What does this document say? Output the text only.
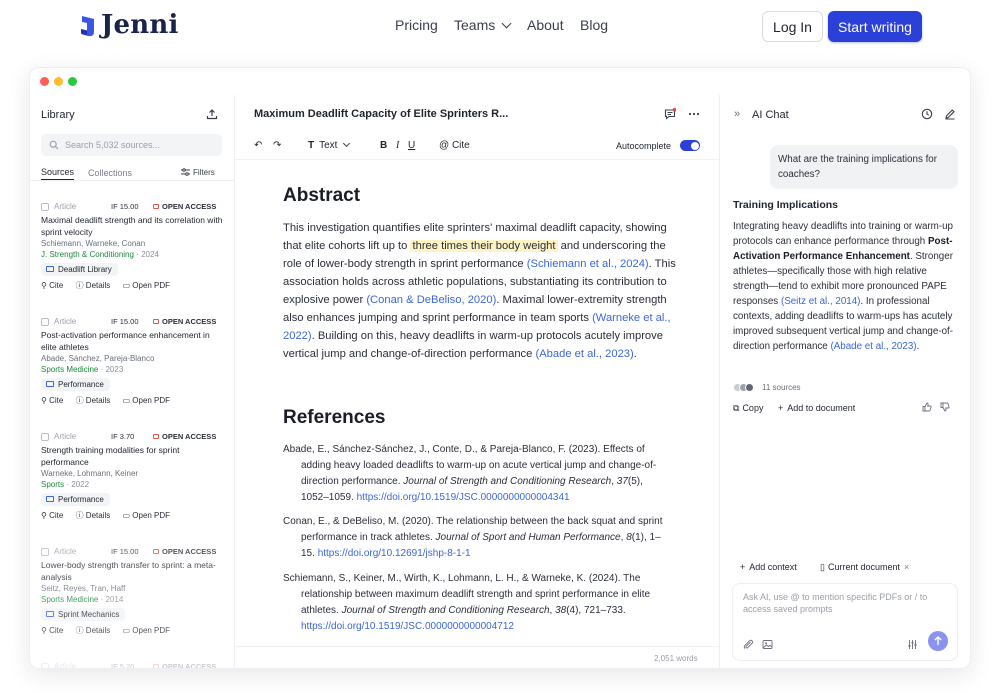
Jenni	Pricing Teams	About Blog	Log In	Start writing
Library
Search 5,032 sources...
Sources Collections	Filters
Article	IF 15.00	OPEN ACCESS
Maximal deadlift strength and its correlation with sprint velocity
Schiemann, Warneke, Conan
J. Strength & Conditioning · 2024
Deadlift Library
⚲ Cite ⓘ Details ▭ Open PDF
Article	IF 15.00	OPEN ACCESS
Post-activation performance enhancement in elite athletes
Abade, Sánchez, Pareja-Blanco
Sports Medicine · 2023
Performance
⚲ Cite ⓘ Details ▭ Open PDF
Article	IF 3.70	OPEN ACCESS
Strength training modalities for sprint performance
Warneke, Lohmann, Keiner
Sports · 2022
Performance
⚲ Cite ⓘ Details ▭ Open PDF
Article	IF 15.00	OPEN ACCESS
Lower-body strength transfer to sprint: a meta-analysis
Seitz, Reyes, Tran, Haff
Sports Medicine · 2014
Sprint Mechanics
⚲ Cite ⓘ Details ▭ Open PDF
Article	IF 5.20	OPEN ACCESS
Maximum Deadlift Capacity of Elite Sprinters R...
↶ ↷	T Text	B I U @ Cite	Autocomplete
Abstract
This investigation quantifies elite sprinters' maximal deadlift capacity, showing that elite cohorts lift up to three times their body weight and underscoring the role of lower-body strength in sprint performance (Schiemann et al., 2024). This association holds across athletic populations, substantiating its contribution to explosive power (Conan & DeBeliso, 2020). Maximal lower-extremity strength also enhances jumping and sprint performance in team sports (Warneke et al., 2022). Building on this, heavy deadlifts in warm-up protocols acutely improve vertical jump and change-of-direction performance (Abade et al., 2023).
References
Abade, E., Sánchez-Sánchez, J., Conte, D., & Pareja-Blanco, F. (2023). Effects of adding heavy loaded deadlifts to warm-up on acute vertical jump and change-of-direction performance. Journal of Strength and Conditioning Research, 37(5), 1052–1059. https://doi.org/10.1519/JSC.0000000000004341
Conan, E., & DeBeliso, M. (2020). The relationship between the back squat and sprint performance in track athletes. Journal of Sport and Human Performance, 8(1), 1–15. https://doi.org/10.12691/jshp-8-1-1
Schiemann, S., Keiner, M., Wirth, K., Lohmann, L. H., & Warneke, K. (2024). The relationship between maximum deadlift strength and sprint performance in elite athletes. Journal of Strength and Conditioning Research, 38(4), 721–733. https://doi.org/10.1519/JSC.0000000000004712
2,051 words
» AI Chat
What are the training implications for coaches?
Training Implications
Integrating heavy deadlifts into training or warm-up protocols can enhance performance through Post-Activation Performance Enhancement. Stronger athletes—specifically those with high relative strength—tend to exhibit more pronounced PAPE responses (Seitz et al., 2014). In professional contexts, adding deadlifts to warm-ups has acutely improved subsequent vertical jump and change-of-direction performance (Abade et al., 2023).
11 sources
⧉ Copy + Add to document
+ Add context	▯ Current document ×
Ask AI, use @ to mention specific PDFs or / to access saved prompts
